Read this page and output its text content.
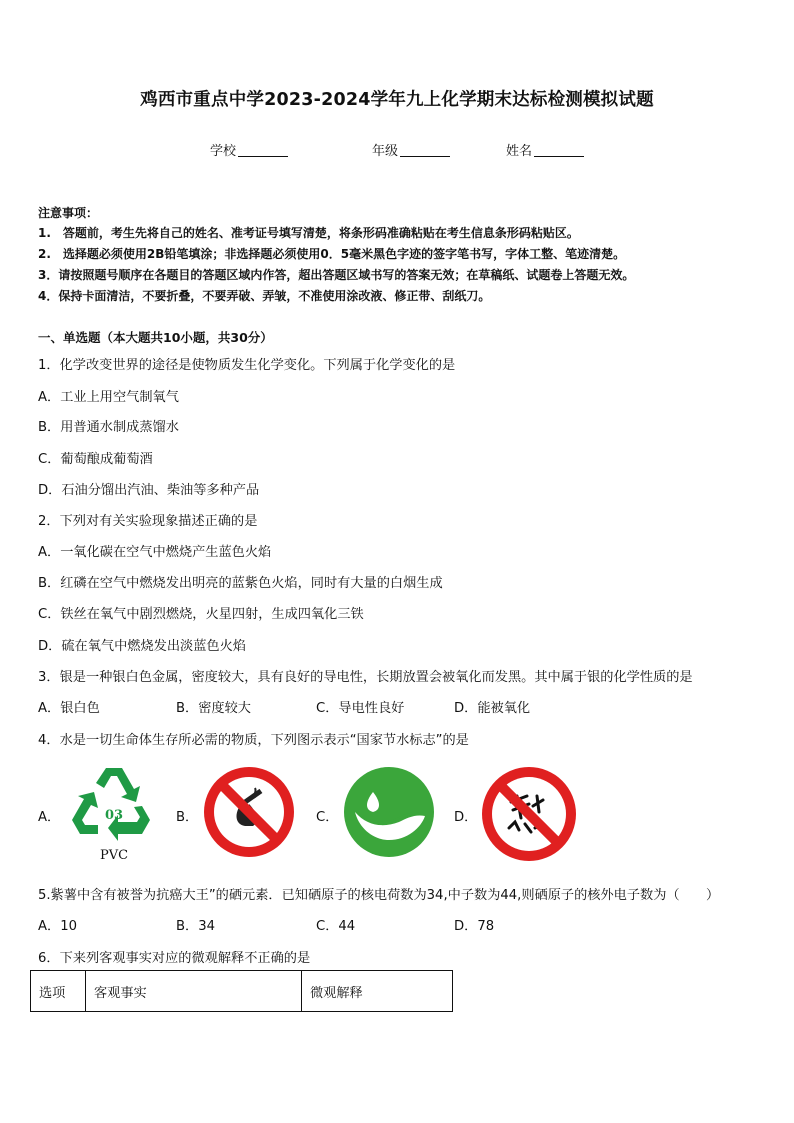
鸡西市重点中学2023-2024学年九上化学期末达标检测模拟试题
学校	年级	姓名
注意事项：
1.　答题前，考生先将自己的姓名、准考证号填写清楚，将条形码准确粘贴在考生信息条形码粘贴区。
2.　选择题必须使用2B铅笔填涂；非选择题必须使用0．5毫米黑色字迹的签字笔书写，字体工整、笔迹清楚。
3．请按照题号顺序在各题目的答题区域内作答，超出答题区域书写的答案无效；在草稿纸、试题卷上答题无效。
4．保持卡面清洁，不要折叠，不要弄破、弄皱，不准使用涂改液、修正带、刮纸刀。
一、单选题（本大题共10小题，共30分）
1．化学改变世界的途径是使物质发生化学变化。下列属于化学变化的是
A．工业上用空气制氧气
B．用普通水制成蒸馏水
C．葡萄酿成葡萄酒
D．石油分馏出汽油、柴油等多种产品
2．下列对有关实验现象描述正确的是
A．一氧化碳在空气中燃烧产生蓝色火焰
B．红磷在空气中燃烧发出明亮的蓝紫色火焰，同时有大量的白烟生成
C．铁丝在氧气中剧烈燃烧，火星四射，生成四氧化三铁
D．硫在氧气中燃烧发出淡蓝色火焰
3．银是一种银白色金属，密度较大，具有良好的导电性，长期放置会被氧化而发黑。其中属于银的化学性质的是
A．银白色	B．密度较大	C．导电性良好	D．能被氧化
4．水是一切生命体生存所必需的物质，下列图示表示“国家节水标志”的是
A．	B．	C．	D．
03
PVC
5.紫薯中含有被誉为抗癌大王”的硒元素．已知硒原子的核电荷数为34,中子数为44,则硒原子的核外电子数为（　　）
A．10	B．34	C．44	D．78
6．下来列客观事实对应的微观解释不正确的是
选项	客观事实	微观解释
